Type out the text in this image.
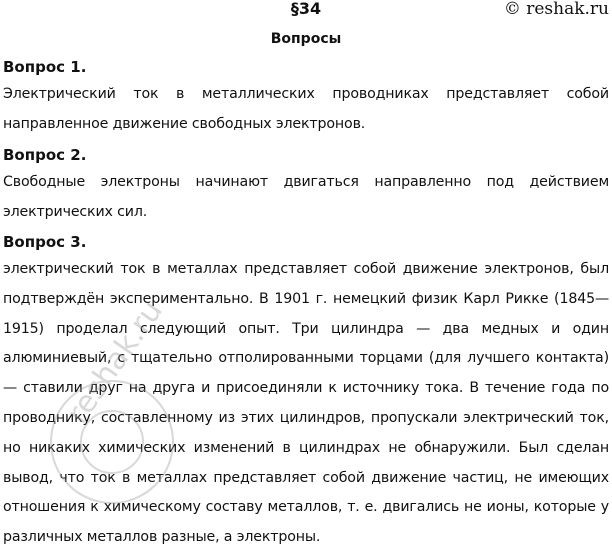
§34	© reshak.ru
Вопросы
Вопрос 1.
Электрический ток в металлических проводниках представляет собой направленное движение свободных электронов.
Вопрос 2.
Свободные электроны начинают двигаться направленно под действием электрических сил.
Вопрос 3.
электрический ток в металлах представляет собой движение электронов, был подтверждён экспериментально. В 1901 г. немецкий физик Карл Рикке (1845—1915) проделал следующий опыт. Три цилиндра — два медных и один алюминиевый, с тщательно отполированными торцами (для лучшего контакта) — ставили друг на друга и присоединяли к источнику тока. В течение года по проводнику, составленному из этих цилиндров, пропускали электрический ток, но никаких химических изменений в цилиндрах не обнаружили. Был сделан вывод, что ток в металлах представляет собой движение частиц, не имеющих отношения к химическому составу металлов, т. е. двигались не ионы, которые у различных металлов разные, а электроны.
reshak.ru
